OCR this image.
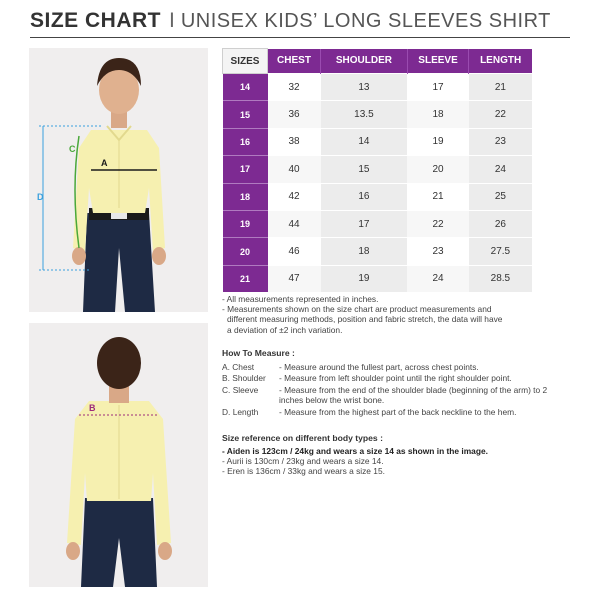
SIZE CHART I UNISEX KIDS’ LONG SLEEVES SHIRT
D
C
A
B
SIZES	CHEST	SHOULDER	SLEEVE	LENGTH
14	32	13	17	21
15	36	13.5	18	22
16	38	14	19	23
17	40	15	20	24
18	42	16	21	25
19	44	17	22	26
20	46	18	23	27.5
21	47	19	24	28.5

- All measurements represented in inches.

- Measurements shown on the size chart are product measurements and

different measuring methods, position and fabric stretch, the data will have

a deviation of ±2 inch variation.

How To Measure :
A. Chest	- Measure around the fullest part, across chest points.
B. Shoulder	- Measure from left shoulder point until the right shoulder point.
C. Sleeve	- Measure from the end of the shoulder blade (beginning of the arm) to 2 inches below the wrist bone.
D. Length	- Measure from the highest part of the back neckline to the hem.
Size reference on different body types :

- Aiden is 123cm / 24kg and wears a size 14 as shown in the image.

- Aurii is 130cm / 23kg and wears a size 14.

- Eren is 136cm / 33kg and wears a size 15.
